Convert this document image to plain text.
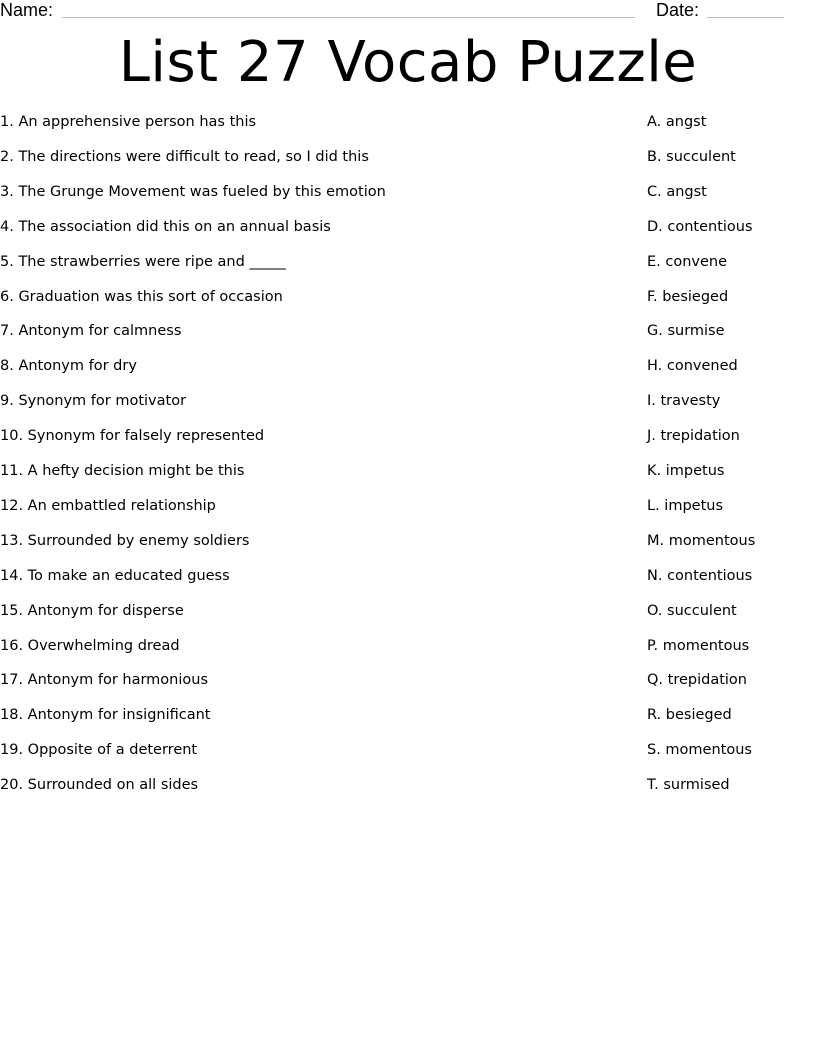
Name:	Date:
List 27 Vocab Puzzle
1. An apprehensive person has this	A. angst
2. The directions were difficult to read, so I did this	B. succulent
3. The Grunge Movement was fueled by this emotion	C. angst
4. The association did this on an annual basis	D. contentious
5. The strawberries were ripe and _____	E. convene
6. Graduation was this sort of occasion	F. besieged
7. Antonym for calmness	G. surmise
8. Antonym for dry	H. convened
9. Synonym for motivator	I. travesty
10. Synonym for falsely represented	J. trepidation
11. A hefty decision might be this	K. impetus
12. An embattled relationship	L. impetus
13. Surrounded by enemy soldiers	M. momentous
14. To make an educated guess	N. contentious
15. Antonym for disperse	O. succulent
16. Overwhelming dread	P. momentous
17. Antonym for harmonious	Q. trepidation
18. Antonym for insignificant	R. besieged
19. Opposite of a deterrent	S. momentous
20. Surrounded on all sides	T. surmised
